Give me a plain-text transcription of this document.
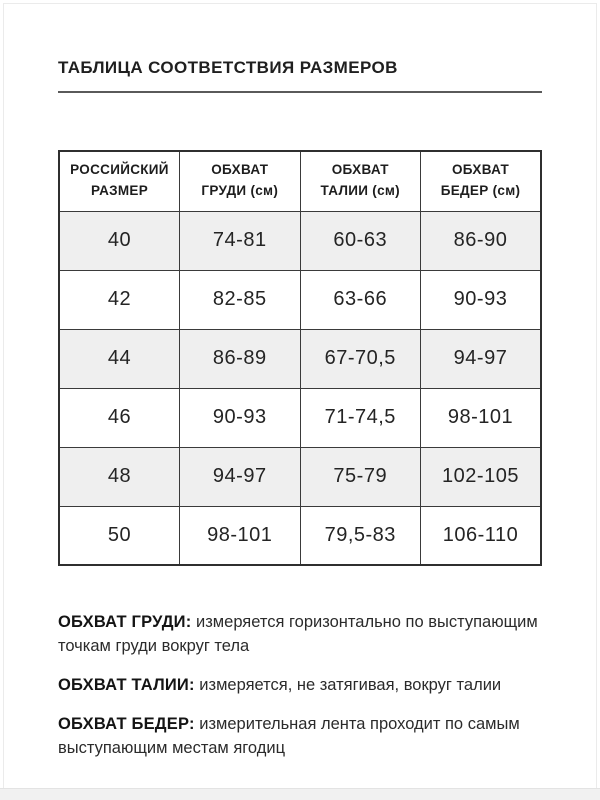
ТАБЛИЦА СООТВЕТСТВИЯ РАЗМЕРОВ
РОССИЙСКИЙ РАЗМЕР	ОБХВАТ ГРУДИ (см)	ОБХВАТ ТАЛИИ (см)	ОБХВАТ БЕДЕР (см)
40	74-81	60-63	86-90
42	82-85	63-66	90-93
44	86-89	67-70,5	94-97
46	90-93	71-74,5	98-101
48	94-97	75-79	102-105
50	98-101	79,5-83	106-110

ОБХВАТ ГРУДИ: измеряется горизонтально по выступающим точкам груди вокруг тела

ОБХВАТ ТАЛИИ: измеряется, не затягивая, вокруг талии

ОБХВАТ БЕДЕР: измерительная лента проходит по самым выступающим местам ягодиц
